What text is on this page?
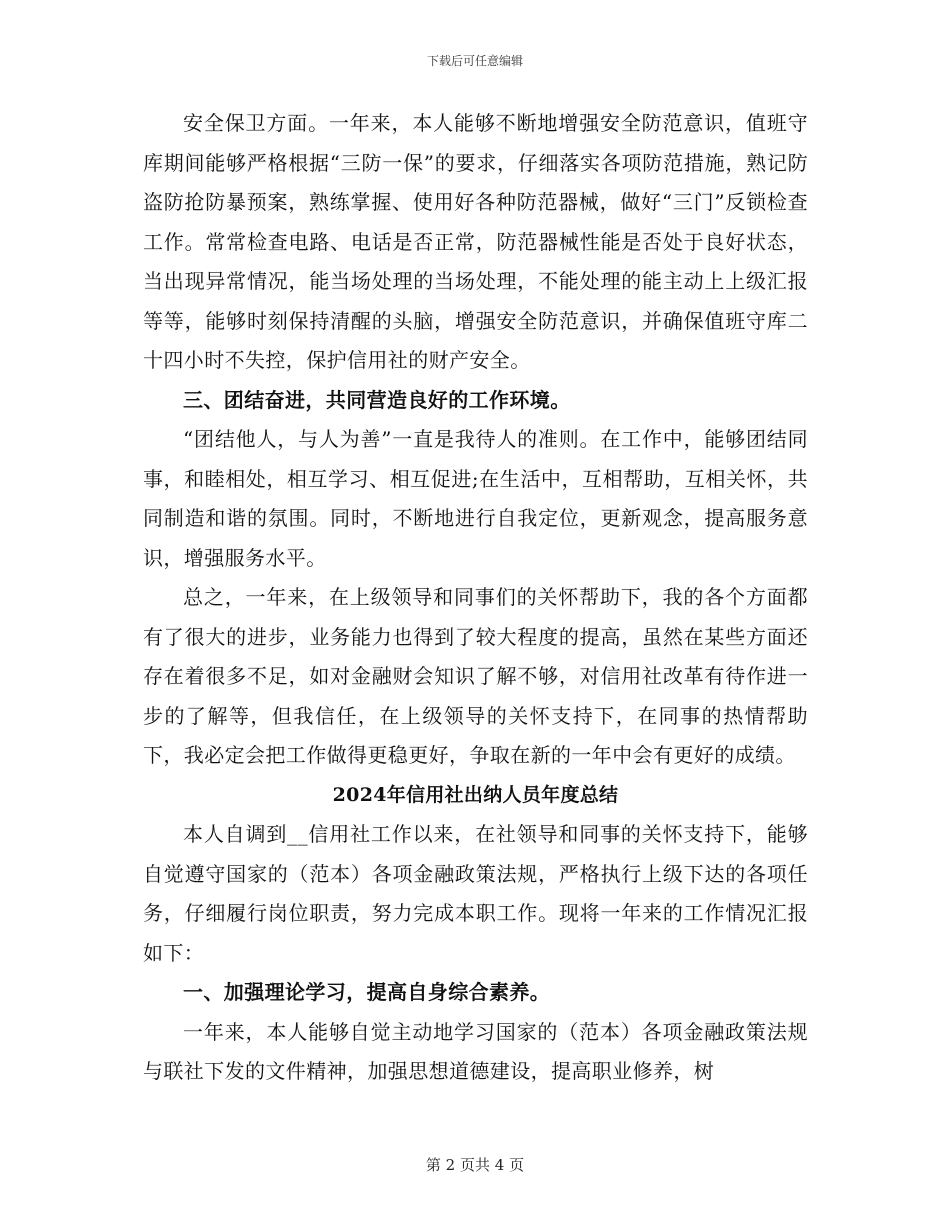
下载后可任意编辑

安全保卫方面。一年来，本人能够不断地增强安全防范意识，值班守库期间能够严格根据“三防一保”的要求，仔细落实各项防范措施，熟记防盗防抢防暴预案，熟练掌握、使用好各种防范器械，做好“三门”反锁检查工作。常常检查电路、电话是否正常，防范器械性能是否处于良好状态，当出现异常情况，能当场处理的当场处理，不能处理的能主动上上级汇报等等，能够时刻保持清醒的头脑，增强安全防范意识，并确保值班守库二十四小时不失控，保护信用社的财产安全。

三、团结奋进，共同营造良好的工作环境。

“团结他人，与人为善”一直是我待人的准则。在工作中，能够团结同事，和睦相处，相互学习、相互促进;在生活中，互相帮助，互相关怀，共同制造和谐的氛围。同时，不断地进行自我定位，更新观念，提高服务意识，增强服务水平。

总之，一年来，在上级领导和同事们的关怀帮助下，我的各个方面都有了很大的进步，业务能力也得到了较大程度的提高，虽然在某些方面还存在着很多不足，如对金融财会知识了解不够，对信用社改革有待作进一步的了解等，但我信任，在上级领导的关怀支持下，在同事的热情帮助下，我必定会把工作做得更稳更好，争取在新的一年中会有更好的成绩。

2024年信用社出纳人员年度总结

本人自调到__信用社工作以来，在社领导和同事的关怀支持下，能够自觉遵守国家的（范本）各项金融政策法规，严格执行上级下达的各项任务，仔细履行岗位职责，努力完成本职工作。现将一年来的工作情况汇报如下：

一、加强理论学习，提高自身综合素养。

一年来，本人能够自觉主动地学习国家的（范本）各项金融政策法规与联社下发的文件精神，加强思想道德建设，提高职业修养，树

第 2 页共 4 页
